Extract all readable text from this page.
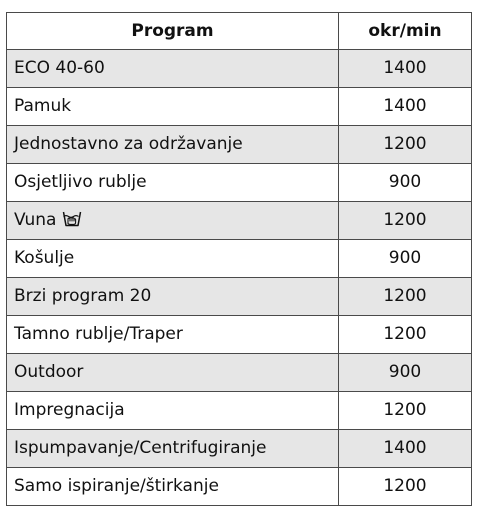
Program	okr/min
ECO 40-60	1400
Pamuk	1400
Jednostavno za održavanje	1200
Osjetljivo rublje	900
Vuna	1200
Košulje	900
Brzi program 20	1200
Tamno rublje/Traper	1200
Outdoor	900
Impregnacija	1200
Ispumpavanje/Centrifugiranje	1400
Samo ispiranje/štirkanje	1200
